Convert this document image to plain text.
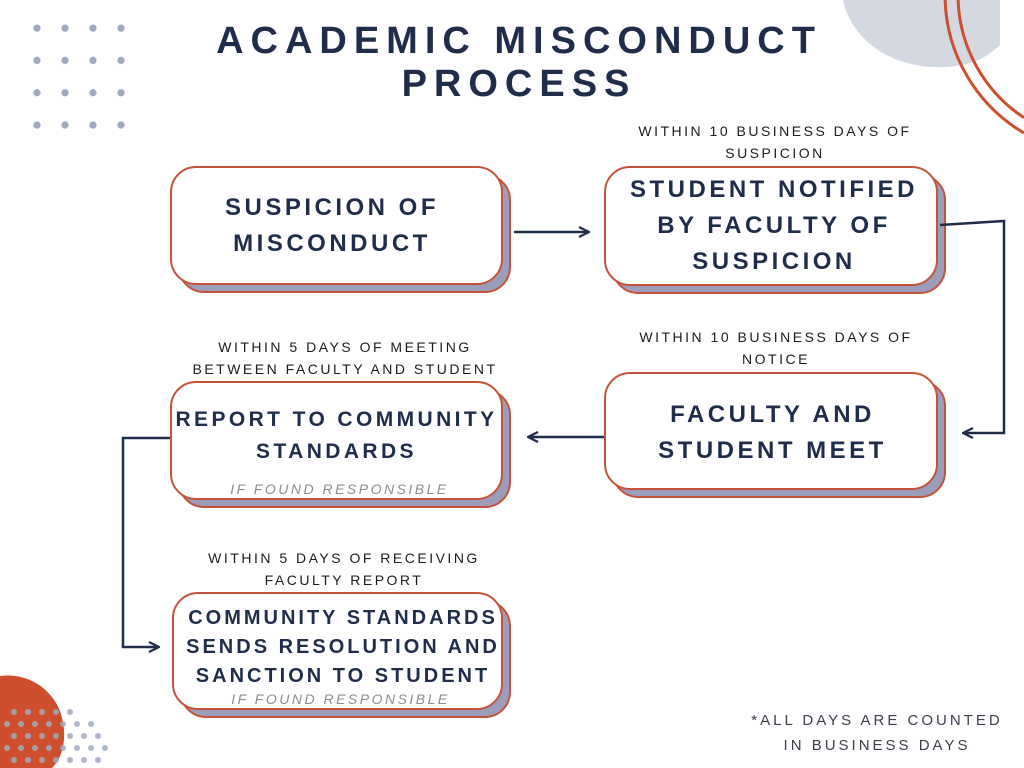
ACADEMIC MISCONDUCT
PROCESS
SUSPICION OF
MISCONDUCT
WITHIN 10 BUSINESS DAYS OF
SUSPICION
STUDENT NOTIFIED
BY FACULTY OF
SUSPICION
WITHIN 10 BUSINESS DAYS OF
NOTICE
FACULTY AND
STUDENT MEET
WITHIN 5 DAYS OF MEETING
BETWEEN FACULTY AND STUDENT
REPORT TO COMMUNITY
STANDARDS
IF FOUND RESPONSIBLE
WITHIN 5 DAYS OF RECEIVING
FACULTY REPORT
COMMUNITY STANDARDS
SENDS RESOLUTION AND
SANCTION TO STUDENT
IF FOUND RESPONSIBLE
*ALL DAYS ARE COUNTED
IN BUSINESS DAYS
